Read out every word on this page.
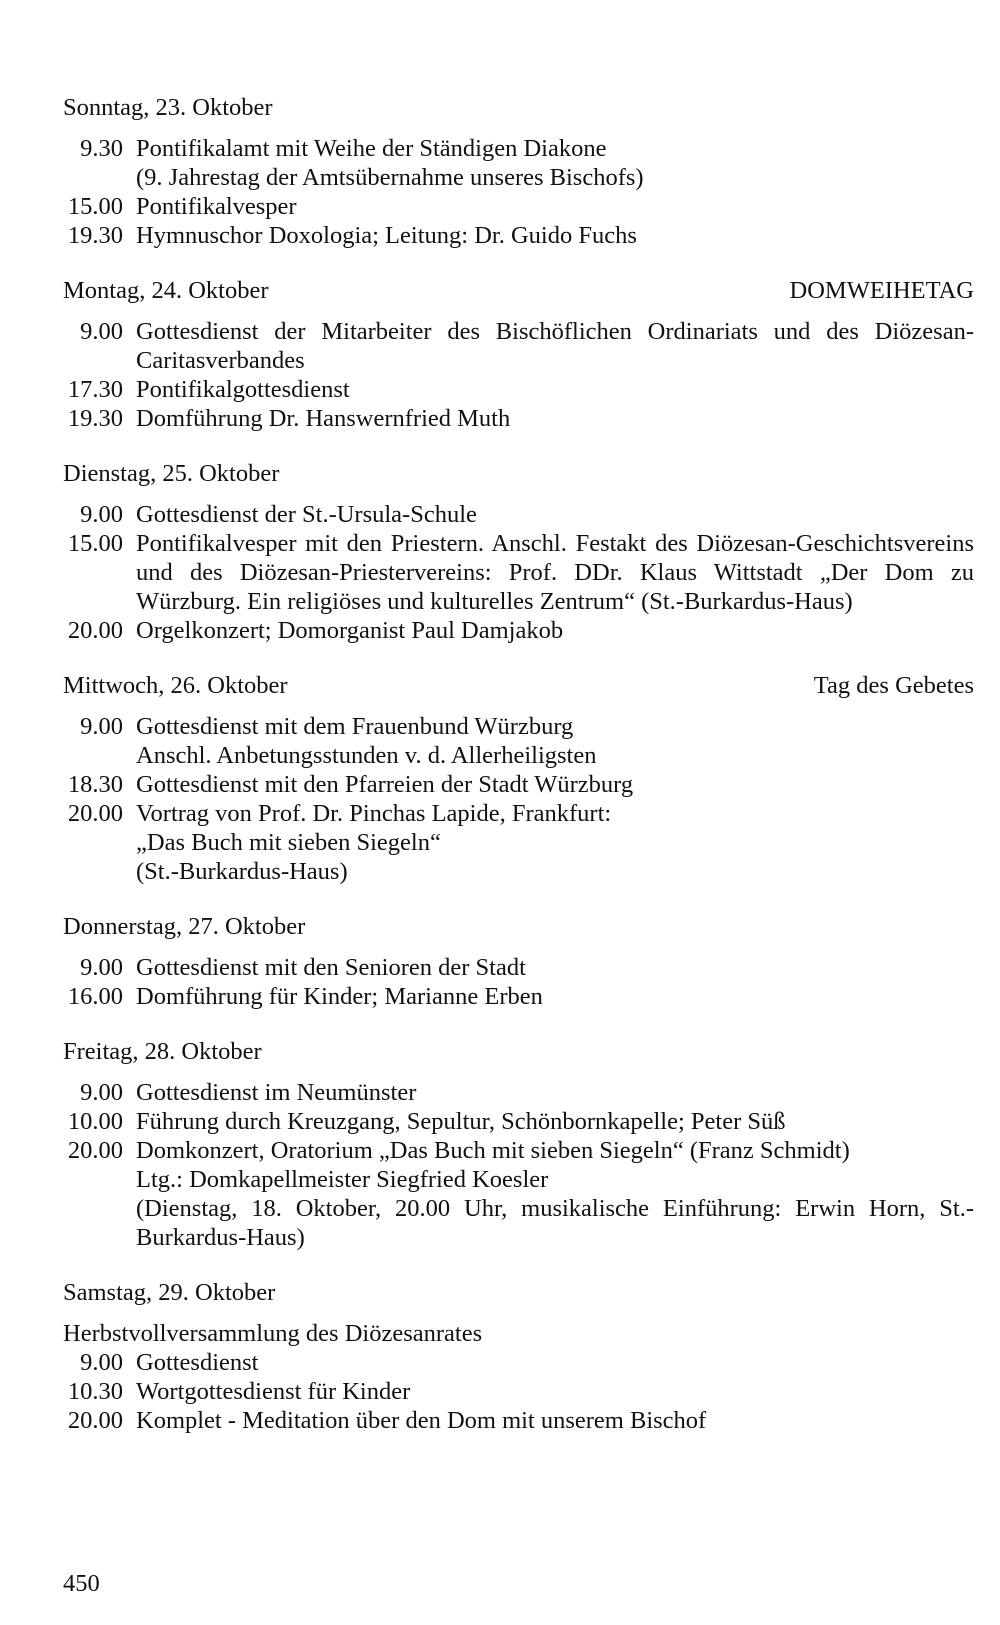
Sonntag, 23. Oktober
9.30 Pontifikalamt mit Weihe der Ständigen Diakone
(9. Jahrestag der Amtsübernahme unseres Bischofs)
15.00 Pontifikalvesper
19.30 Hymnuschor Doxologia; Leitung: Dr. Guido Fuchs
Montag, 24. Oktober	DOMWEIHETAG
9.00 Gottesdienst der Mitarbeiter des Bischöflichen Ordinariats und des Diözesan-Caritasverbandes
17.30 Pontifikalgottesdienst
19.30 Domführung Dr. Hanswernfried Muth
Dienstag, 25. Oktober
9.00 Gottesdienst der St.-Ursula-Schule
15.00 Pontifikalvesper mit den Priestern. Anschl. Festakt des Diözesan-Geschichtsvereins und des Diözesan-Priestervereins: Prof. DDr. Klaus Wittstadt „Der Dom zu Würzburg. Ein religiöses und kulturelles Zentrum“ (St.-Burkardus-Haus)
20.00 Orgelkonzert; Domorganist Paul Damjakob
Mittwoch, 26. Oktober	Tag des Gebetes
9.00 Gottesdienst mit dem Frauenbund Würzburg
Anschl. Anbetungsstunden v. d. Allerheiligsten
18.30 Gottesdienst mit den Pfarreien der Stadt Würzburg
20.00 Vortrag von Prof. Dr. Pinchas Lapide, Frankfurt:
„Das Buch mit sieben Siegeln“
(St.-Burkardus-Haus)
Donnerstag, 27. Oktober
9.00 Gottesdienst mit den Senioren der Stadt
16.00 Domführung für Kinder; Marianne Erben
Freitag, 28. Oktober
9.00 Gottesdienst im Neumünster
10.00 Führung durch Kreuzgang, Sepultur, Schönbornkapelle; Peter Süß
20.00 Domkonzert, Oratorium „Das Buch mit sieben Siegeln“ (Franz Schmidt)
Ltg.: Domkapellmeister Siegfried Koesler
(Dienstag, 18. Oktober, 20.00 Uhr, musikalische Einführung: Erwin Horn, St.-Burkardus-Haus)
Samstag, 29. Oktober
Herbstvollversammlung des Diözesanrates
9.00 Gottesdienst
10.30 Wortgottesdienst für Kinder
20.00 Komplet - Meditation über den Dom mit unserem Bischof
450
